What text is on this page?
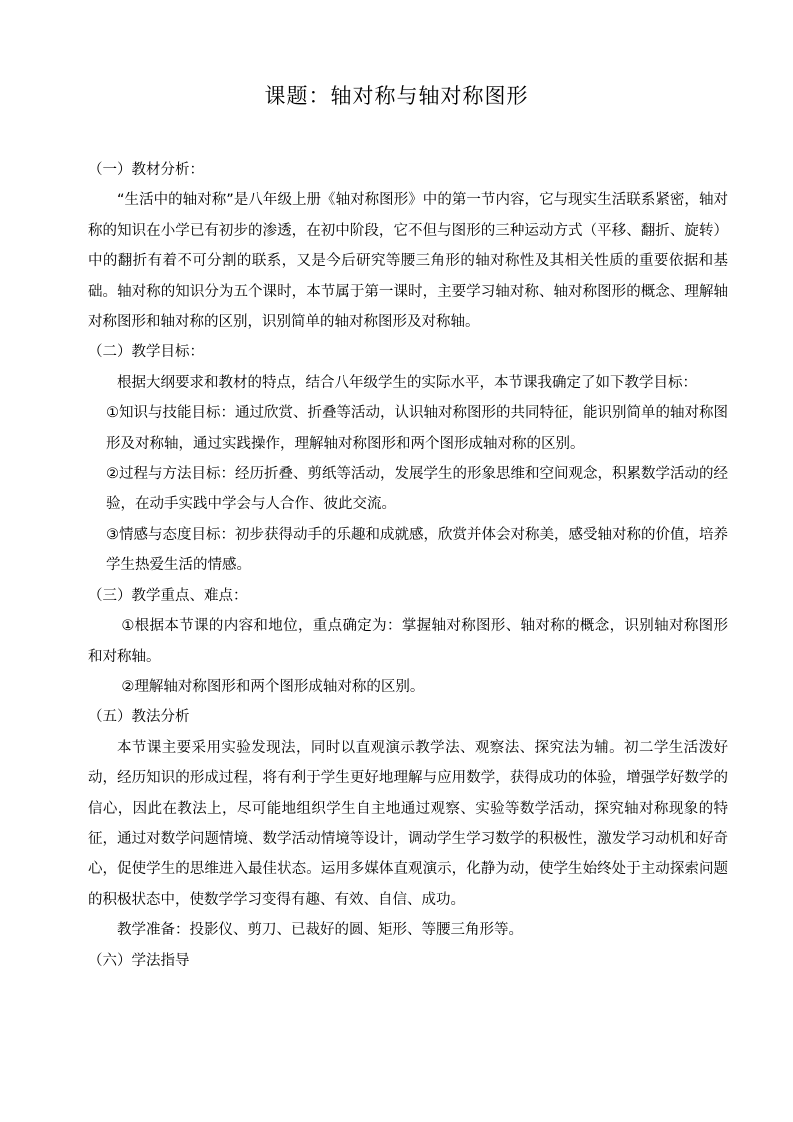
课题：轴对称与轴对称图形

（一）教材分析：

“生活中的轴对称”是八年级上册《轴对称图形》中的第一节内容，它与现实生活联系紧密，轴对称的知识在小学已有初步的渗透，在初中阶段，它不但与图形的三种运动方式（平移、翻折、旋转）中的翻折有着不可分割的联系，又是今后研究等腰三角形的轴对称性及其相关性质的重要依据和基础。轴对称的知识分为五个课时，本节属于第一课时，主要学习轴对称、轴对称图形的概念、理解轴对称图形和轴对称的区别，识别简单的轴对称图形及对称轴。

（二）教学目标：

根据大纲要求和教材的特点，结合八年级学生的实际水平，本节课我确定了如下教学目标：

①知识与技能目标：通过欣赏、折叠等活动，认识轴对称图形的共同特征，能识别简单的轴对称图形及对称轴，通过实践操作，理解轴对称图形和两个图形成轴对称的区别。

②过程与方法目标：经历折叠、剪纸等活动，发展学生的形象思维和空间观念，积累数学活动的经验，在动手实践中学会与人合作、彼此交流。

③情感与态度目标：初步获得动手的乐趣和成就感，欣赏并体会对称美，感受轴对称的价值，培养学生热爱生活的情感。

（三）教学重点、难点：

①根据本节课的内容和地位，重点确定为：掌握轴对称图形、轴对称的概念，识别轴对称图形和对称轴。

②理解轴对称图形和两个图形成轴对称的区别。

（五）教法分析

本节课主要采用实验发现法，同时以直观演示教学法、观察法、探究法为辅。初二学生活泼好动，经历知识的形成过程，将有利于学生更好地理解与应用数学，获得成功的体验，增强学好数学的信心，因此在教法上，尽可能地组织学生自主地通过观察、实验等数学活动，探究轴对称现象的特征，通过对数学问题情境、数学活动情境等设计，调动学生学习数学的积极性，激发学习动机和好奇心，促使学生的思维进入最佳状态。运用多媒体直观演示，化静为动，使学生始终处于主动探索问题的积极状态中，使数学学习变得有趣、有效、自信、成功。

教学准备：投影仪、剪刀、已裁好的圆、矩形、等腰三角形等。

（六）学法指导
